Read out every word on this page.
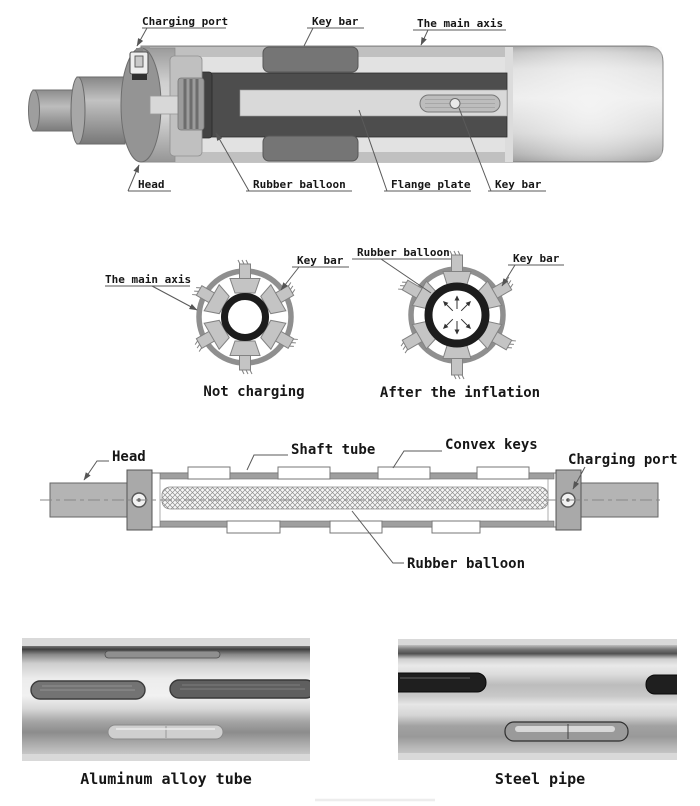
Charging port	Key bar	The main axis
Head	Rubber balloon	Flange plate Key bar
Not charging	After the inflation
The main axis
Key bar
Rubber balloon	Key bar
Head	Shaft tube	Convex keys
Charging port
Rubber balloon
Aluminum alloy tube	Steel pipe
